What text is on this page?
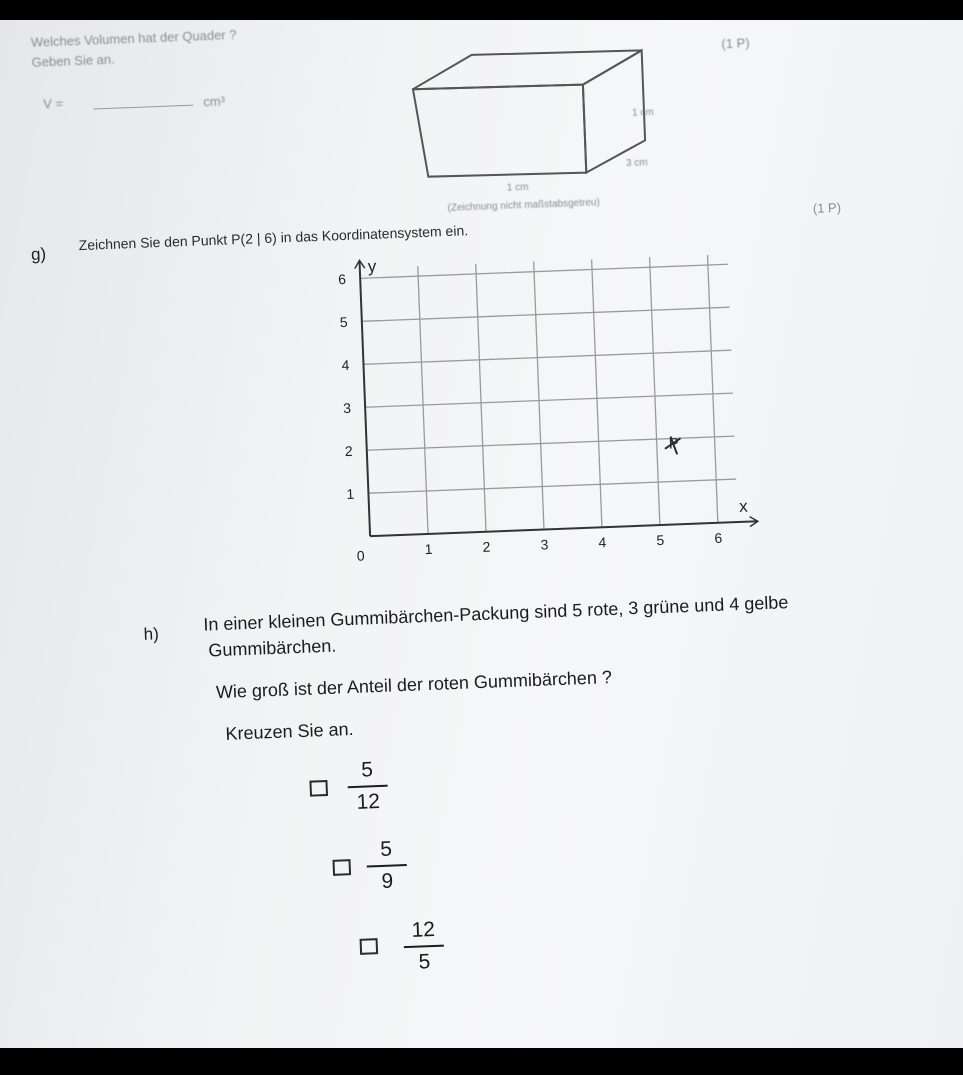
Welches Volumen hat der Quader ?
Geben Sie an.
V =	cm³
(1 P)
1 cm
3 cm
1 cm
(Zeichnung nicht maßstabsgetreu)
g)
Zeichnen Sie den Punkt P(2 | 6) in das Koordinatensystem ein.
(1 P)
x
y
0	1	2	3	4	5	6
1
2
3
4
5
6
P
h) In einer kleinen Gummibärchen-Packung sind 5 rote, 3 grüne und 4 gelbe
Gummibärchen.
Wie groß ist der Anteil der roten Gummibärchen ?
Kreuzen Sie an.
5
12
5
9
12
5
